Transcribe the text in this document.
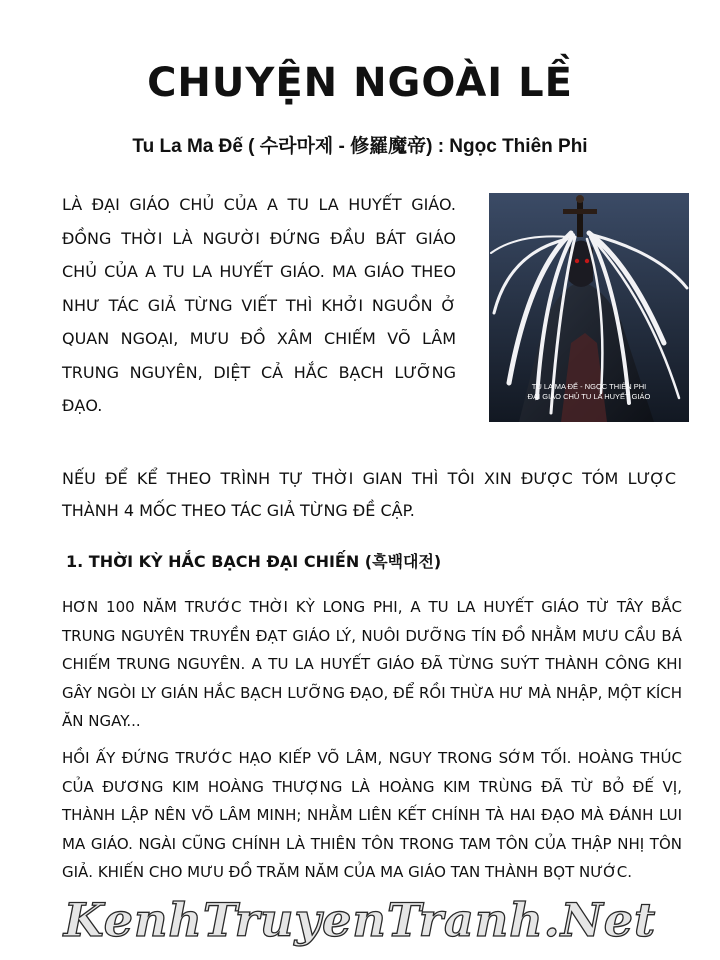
CHUYỆN NGOÀI LỀ
Tu La Ma Đế ( 수라마제 - 修羅魔帝) : Ngọc Thiên Phi

LÀ ĐẠI GIÁO CHỦ CỦA A TU LA HUYẾT GIÁO. ĐỒNG THỜI LÀ NGƯỜI ĐỨNG ĐẦU BÁT GIÁO CHỦ CỦA A TU LA HUYẾT GIÁO. MA GIÁO THEO NHƯ TÁC GIẢ TỪNG VIẾT THÌ KHỞI NGUỒN Ở QUAN NGOẠI, MƯU ĐỒ XÂM CHIẾM VÕ LÂM TRUNG NGUYÊN, DIỆT CẢ HẮC BẠCH LƯỠNG ĐẠO.

TU LA MA ĐẾ - NGỌC THIÊN PHI
ĐẠI GIÁO CHỦ TU LA HUYẾT GIÁO

NẾU ĐỂ KỂ THEO TRÌNH TỰ THỜI GIAN THÌ TÔI XIN ĐƯỢC TÓM LƯỢC THÀNH 4 MỐC THEO TÁC GIẢ TỪNG ĐỀ CẬP.

1. THỜI KỲ HẮC BẠCH ĐẠI CHIẾN (흑백대전)

HƠN 100 NĂM TRƯỚC THỜI KỲ LONG PHI, A TU LA HUYẾT GIÁO TỪ TÂY BẮC TRUNG NGUYÊN TRUYỀN ĐẠT GIÁO LÝ, NUÔI DƯỠNG TÍN ĐỒ NHẰM MƯU CẦU BÁ CHIẾM TRUNG NGUYÊN. A TU LA HUYẾT GIÁO ĐÃ TỪNG SUÝT THÀNH CÔNG KHI GÂY NGÒI LY GIÁN HẮC BẠCH LƯỠNG ĐẠO, ĐỂ RỒI THỪA HƯ MÀ NHẬP, MỘT KÍCH ĂN NGAY...

HỒI ẤY ĐỨNG TRƯỚC HẠO KIẾP VÕ LÂM, NGUY TRONG SỚM TỐI. HOÀNG THÚC CỦA ĐƯƠNG KIM HOÀNG THƯỢNG LÀ HOÀNG KIM TRÙNG ĐÃ TỪ BỎ ĐẾ VỊ, THÀNH LẬP NÊN VÕ LÂM MINH; NHẰM LIÊN KẾT CHÍNH TÀ HAI ĐẠO MÀ ĐÁNH LUI MA GIÁO. NGÀI CŨNG CHÍNH LÀ THIÊN TÔN TRONG TAM TÔN CỦA THẬP NHỊ TÔN GIẢ. KHIẾN CHO MƯU ĐỒ TRĂM NĂM CỦA MA GIÁO TAN THÀNH BỌT NƯỚC.

KenhTruyenTranh.Net
